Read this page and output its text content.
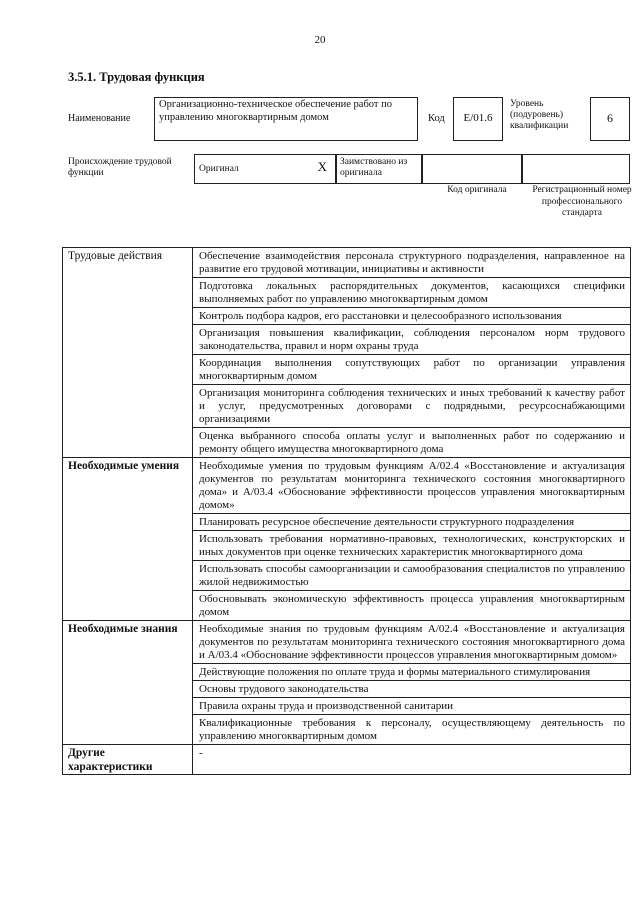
20
3.5.1. Трудовая функция
Наименование
Организационно-техническое обеспечение работ по управлению многоквартирным домом	Код	E/01.6
Уровень (подуровень) квалификации
6
Происхождение трудовой функции	Оригинал	X	Заимствовано из оригинала
Код оригинала	Регистрационный номер профессионального стандарта
Трудовые действия	Обеспечение взаимодействия персонала структурного подразделения, направленное на развитие его трудовой мотивации, инициативы и активности
	Подготовка локальных распорядительных документов, касающихся специфики выполняемых работ по управлению многоквартирным домом
	Контроль подбора кадров, его расстановки и целесообразного использования
	Организация повышения квалификации, соблюдения персоналом норм трудового законодательства, правил и норм охраны труда
	Координация выполнения сопутствующих работ по организации управления многоквартирным домом
	Организация мониторинга соблюдения технических и иных требований к качеству работ и услуг, предусмотренных договорами с подрядными, ресурсоснабжающими организациями
	Оценка выбранного способа оплаты услуг и выполненных работ по содержанию и ремонту общего имущества многоквартирного дома
Необходимые умения	Необходимые умения по трудовым функциям А/02.4 «Восстановление и актуализация документов по результатам мониторинга технического состояния многоквартирного дома» и А/03.4 «Обоснование эффективности процессов управления многоквартирным домом»
	Планировать ресурсное обеспечение деятельности структурного подразделения
	Использовать требования нормативно-правовых, технологических, конструкторских и иных документов при оценке технических характеристик многоквартирного дома
	Использовать способы самоорганизации и самообразования специалистов по управлению жилой недвижимостью
	Обосновывать экономическую эффективность процесса управления многоквартирным домом
Необходимые знания	Необходимые знания по трудовым функциям А/02.4 «Восстановление и актуализация документов по результатам мониторинга технического состояния многоквартирного дома и А/03.4 «Обоснование эффективности процессов управления многоквартирным домом»
	Действующие положения по оплате труда и формы материального стимулирования
	Основы трудового законодательства
	Правила охраны труда и производственной санитарии
	Квалификационные требования к персоналу, осуществляющему деятельность по управлению многоквартирным домом
Другие характеристики	-
